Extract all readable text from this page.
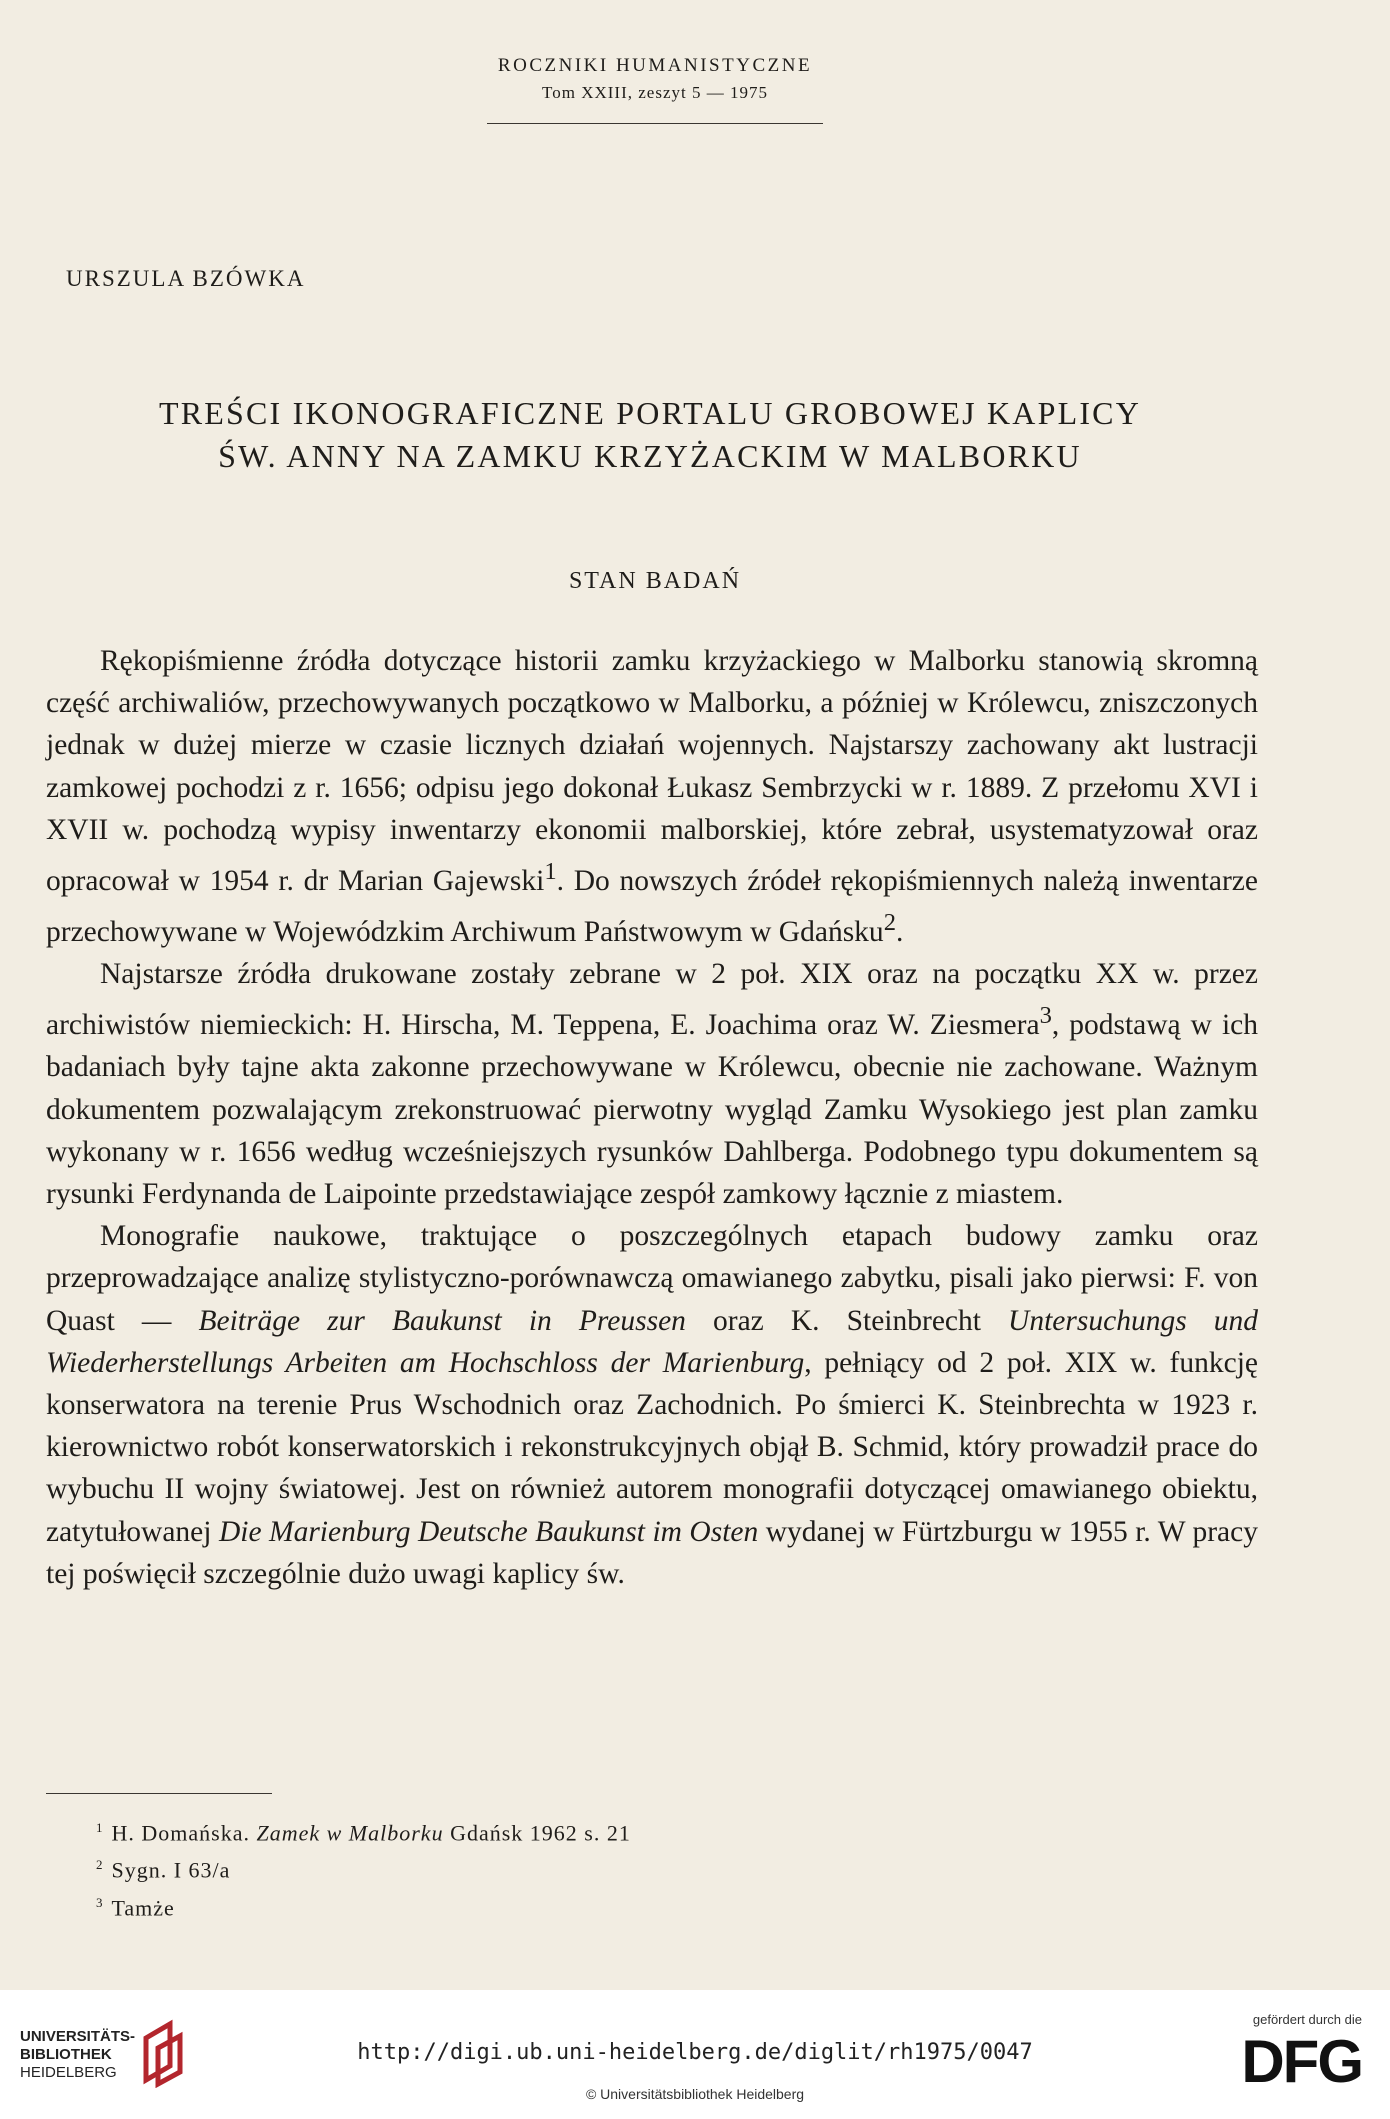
ROCZNIKI HUMANISTYCZNE
Tom XXIII, zeszyt 5 — 1975
URSZULA BZÓWKA
TREŚCI IKONOGRAFICZNE PORTALU GROBOWEJ KAPLICY
ŚW. ANNY NA ZAMKU KRZYŻACKIM W MALBORKU
STAN BADAŃ

Rękopiśmienne źródła dotyczące historii zamku krzyżackiego w Malborku stanowią skromną część archiwaliów, przechowywanych początkowo w Malborku, a później w Królewcu, zniszczonych jednak w dużej mierze w czasie licznych działań wojennych. Najstarszy zachowany akt lustracji zamkowej pochodzi z r. 1656; odpisu jego dokonał Łukasz Sembrzycki w r. 1889. Z przełomu XVI i XVII w. pochodzą wypisy inwentarzy ekonomii malborskiej, które zebrał, usystematyzował oraz opracował w 1954 r. dr Marian Gajewski$^1$. Do nowszych źródeł rękopiśmiennych należą inwentarze przechowywane w Wojewódzkim Archiwum Państwowym w Gdańsku$^2$.

Najstarsze źródła drukowane zostały zebrane w 2 poł. XIX oraz na początku XX w. przez archiwistów niemieckich: H. Hirscha, M. Teppena, E. Joachima oraz W. Ziesmera$^3$, podstawą w ich badaniach były tajne akta zakonne przechowywane w Królewcu, obecnie nie zachowane. Ważnym dokumentem pozwalającym zrekonstruować pierwotny wygląd Zamku Wysokiego jest plan zamku wykonany w r. 1656 według wcześniejszych rysunków Dahlberga. Podobnego typu dokumentem są rysunki Ferdynanda de Laipointe przedstawiające zespół zamkowy łącznie z miastem.

Monografie naukowe, traktujące o poszczególnych etapach budowy zamku oraz przeprowadzające analizę stylistyczno-porównawczą omawianego zabytku, pisali jako pierwsi: F. von Quast — Beiträge zur Baukunst in Preussen oraz K. Steinbrecht Untersuchungs und Wiederherstellungs Arbeiten am Hochschloss der Marienburg, pełniący od 2 poł. XIX w. funkcję konserwatora na terenie Prus Wschodnich oraz Zachodnich. Po śmierci K. Steinbrechta w 1923 r. kierownictwo robót konserwatorskich i rekonstrukcyjnych objął B. Schmid, który prowadził prace do wybuchu II wojny światowej. Jest on również autorem monografii dotyczącej omawianego obiektu, zatytułowanej Die Marienburg Deutsche Baukunst im Osten wydanej w Fürtzburgu w 1955 r. W pracy tej poświęcił szczególnie dużo uwagi kaplicy św.

$^1$ H. Domańska. Zamek w Malborku Gdańsk 1962 s. 21
$^2$ Sygn. I 63/a
$^3$ Tamże
UNIVERSITÄTS-
BIBLIOTHEK
HEIDELBERG
http://digi.ub.uni-heidelberg.de/diglit/rh1975/0047
© Universitätsbibliothek Heidelberg
gefördert durch die
DFG
